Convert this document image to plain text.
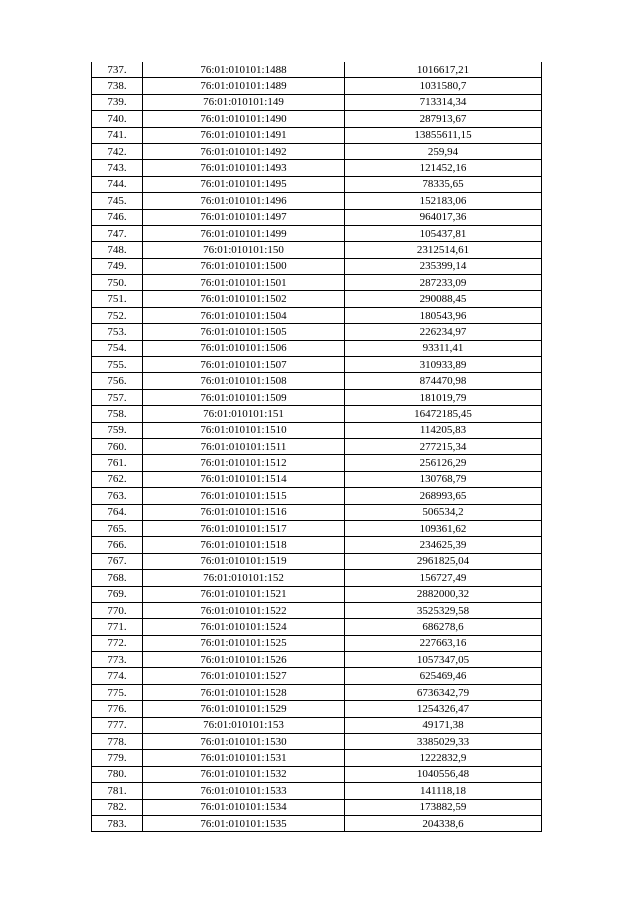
737.	76:01:010101:1488	1016617,21
738.	76:01:010101:1489	1031580,7
739.	76:01:010101:149	713314,34
740.	76:01:010101:1490	287913,67
741.	76:01:010101:1491	13855611,15
742.	76:01:010101:1492	259,94
743.	76:01:010101:1493	121452,16
744.	76:01:010101:1495	78335,65
745.	76:01:010101:1496	152183,06
746.	76:01:010101:1497	964017,36
747.	76:01:010101:1499	105437,81
748.	76:01:010101:150	2312514,61
749.	76:01:010101:1500	235399,14
750.	76:01:010101:1501	287233,09
751.	76:01:010101:1502	290088,45
752.	76:01:010101:1504	180543,96
753.	76:01:010101:1505	226234,97
754.	76:01:010101:1506	93311,41
755.	76:01:010101:1507	310933,89
756.	76:01:010101:1508	874470,98
757.	76:01:010101:1509	181019,79
758.	76:01:010101:151	16472185,45
759.	76:01:010101:1510	114205,83
760.	76:01:010101:1511	277215,34
761.	76:01:010101:1512	256126,29
762.	76:01:010101:1514	130768,79
763.	76:01:010101:1515	268993,65
764.	76:01:010101:1516	506534,2
765.	76:01:010101:1517	109361,62
766.	76:01:010101:1518	234625,39
767.	76:01:010101:1519	2961825,04
768.	76:01:010101:152	156727,49
769.	76:01:010101:1521	2882000,32
770.	76:01:010101:1522	3525329,58
771.	76:01:010101:1524	686278,6
772.	76:01:010101:1525	227663,16
773.	76:01:010101:1526	1057347,05
774.	76:01:010101:1527	625469,46
775.	76:01:010101:1528	6736342,79
776.	76:01:010101:1529	1254326,47
777.	76:01:010101:153	49171,38
778.	76:01:010101:1530	3385029,33
779.	76:01:010101:1531	1222832,9
780.	76:01:010101:1532	1040556,48
781.	76:01:010101:1533	141118,18
782.	76:01:010101:1534	173882,59
783.	76:01:010101:1535	204338,6
